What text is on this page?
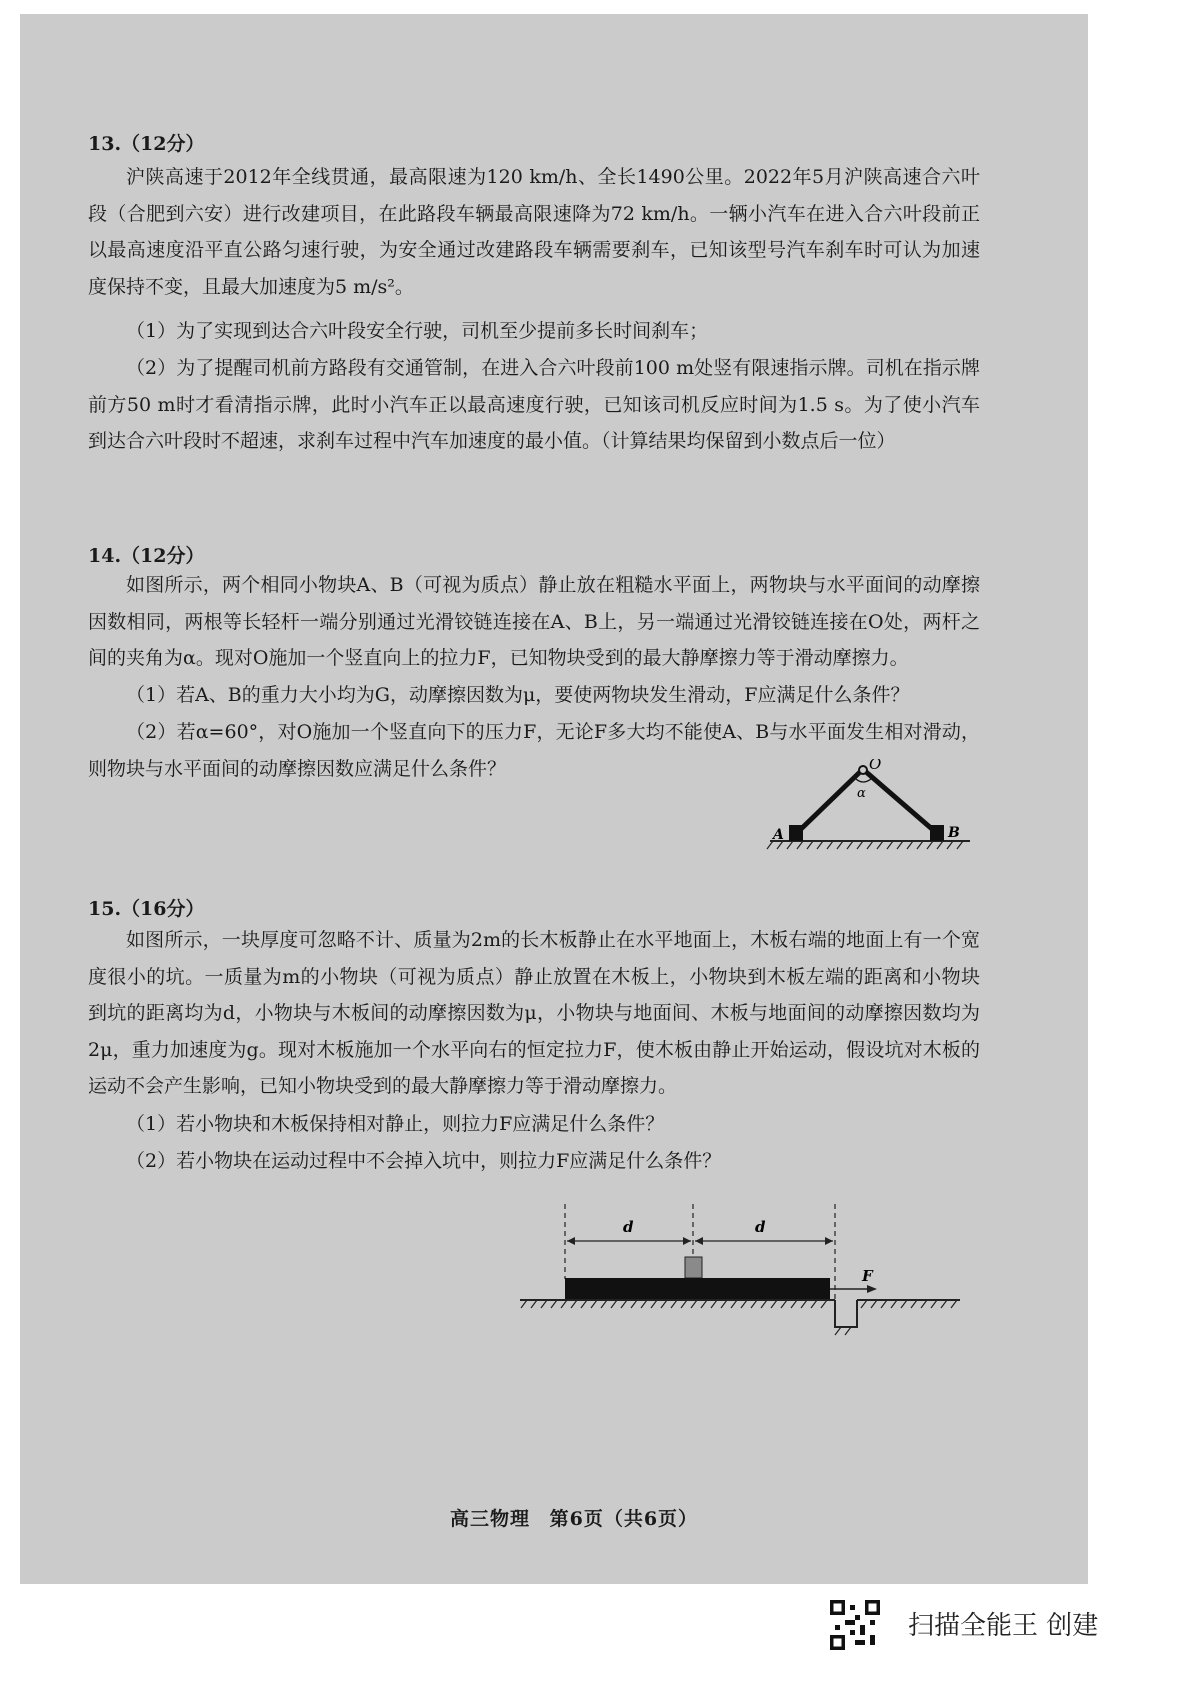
13.（12分）

沪陕高速于2012年全线贯通，最高限速为120 km/h、全长1490公里。2022年5月沪陕高速合六叶段（合肥到六安）进行改建项目，在此路段车辆最高限速降为72 km/h。一辆小汽车在进入合六叶段前正以最高速度沿平直公路匀速行驶，为安全通过改建路段车辆需要刹车，已知该型号汽车刹车时可认为加速度保持不变，且最大加速度为5 m/s²。

（1）为了实现到达合六叶段安全行驶，司机至少提前多长时间刹车；

（2）为了提醒司机前方路段有交通管制，在进入合六叶段前100 m处竖有限速指示牌。司机在指示牌前方50 m时才看清指示牌，此时小汽车正以最高速度行驶，已知该司机反应时间为1.5 s。为了使小汽车到达合六叶段时不超速，求刹车过程中汽车加速度的最小值。（计算结果均保留到小数点后一位）

14.（12分）

如图所示，两个相同小物块A、B（可视为质点）静止放在粗糙水平面上，两物块与水平面间的动摩擦因数相同，两根等长轻杆一端分别通过光滑铰链连接在A、B上，另一端通过光滑铰链连接在O处，两杆之间的夹角为α。现对O施加一个竖直向上的拉力F，已知物块受到的最大静摩擦力等于滑动摩擦力。

（1）若A、B的重力大小均为G，动摩擦因数为μ，要使两物块发生滑动，F应满足什么条件？

（2）若α=60°，对O施加一个竖直向下的压力F，无论F多大均不能使A、B与水平面发生相对滑动，则物块与水平面间的动摩擦因数应满足什么条件？	O
α
A	B
15.（16分）

如图所示，一块厚度可忽略不计、质量为2m的长木板静止在水平地面上，木板右端的地面上有一个宽度很小的坑。一质量为m的小物块（可视为质点）静止放置在木板上，小物块到木板左端的距离和小物块到坑的距离均为d，小物块与木板间的动摩擦因数为μ，小物块与地面间、木板与地面间的动摩擦因数均为2μ，重力加速度为g。现对木板施加一个水平向右的恒定拉力F，使木板由静止开始运动，假设坑对木板的运动不会产生影响，已知小物块受到的最大静摩擦力等于滑动摩擦力。

（1）若小物块和木板保持相对静止，则拉力F应满足什么条件？

（2）若小物块在运动过程中不会掉入坑中，则拉力F应满足什么条件？

d	d
F
高三物理 第6页（共6页）
扫描全能王 创建
